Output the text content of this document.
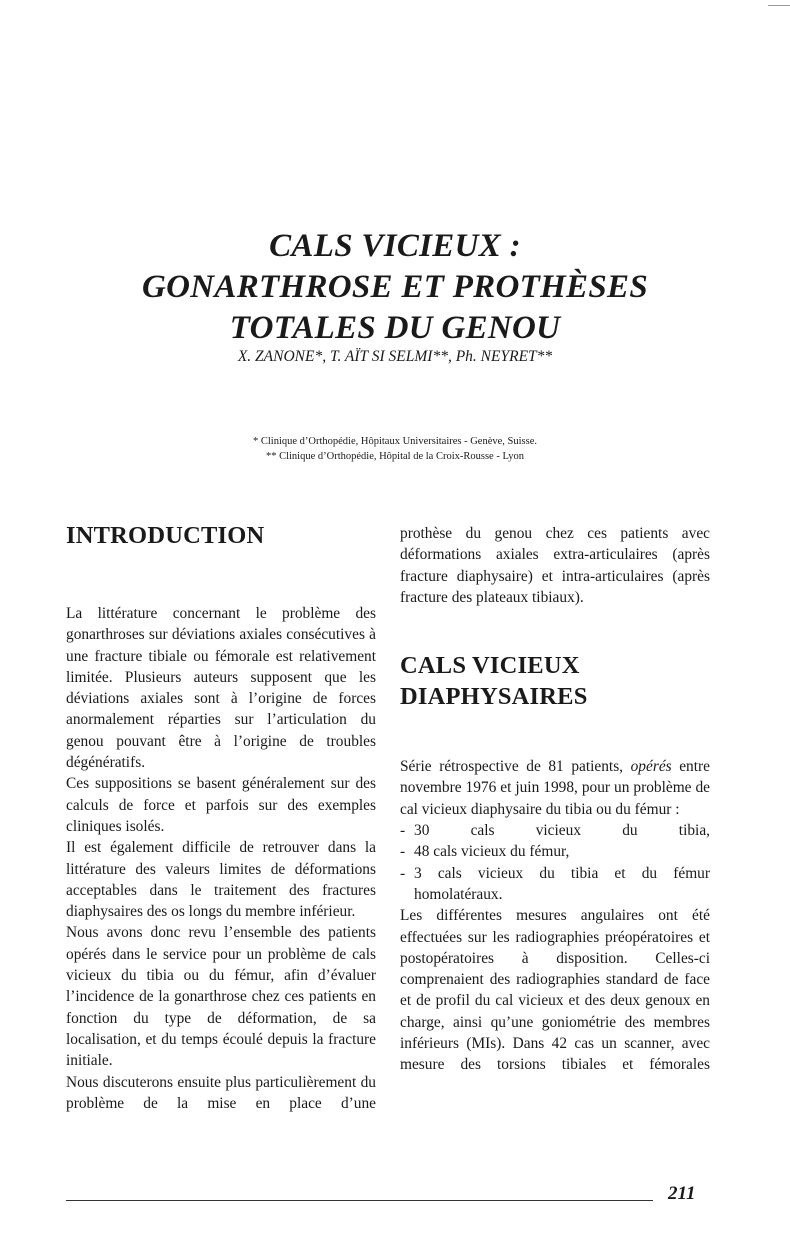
CALS VICIEUX :
GONARTHROSE ET PROTHÈSES
TOTALES DU GENOU
X. ZANONE*, T. AÏT SI SELMI**, Ph. NEYRET**
* Clinique d’Orthopédie, Hôpitaux Universitaires - Genève, Suisse.
** Clinique d’Orthopédie, Hôpital de la Croix-Rousse - Lyon
INTRODUCTION
La littérature concernant le problème des gonarthroses sur déviations axiales consécutives à une fracture tibiale ou fémorale est relativement limitée. Plusieurs auteurs supposent que les déviations axiales sont à l’origine de forces anormalement réparties sur l’articulation du genou pouvant être à l’origine de troubles dégénératifs.
Ces suppositions se basent généralement sur des calculs de force et parfois sur des exemples cliniques isolés.
Il est également difficile de retrouver dans la littérature des valeurs limites de déformations acceptables dans le traitement des fractures diaphysaires des os longs du membre inférieur.
Nous avons donc revu l’ensemble des patients opérés dans le service pour un problème de cals vicieux du tibia ou du fémur, afin d’évaluer l’incidence de la gonarthrose chez ces patients en fonction du type de déformation, de sa localisation, et du temps écoulé depuis la fracture initiale.
Nous discuterons ensuite plus particulièrement du problème de la mise en place d’une
prothèse du genou chez ces patients avec déformations axiales extra-articulaires (après fracture diaphysaire) et intra-articulaires (après fracture des plateaux tibiaux).
CALS VICIEUX
DIAPHYSAIRES
Série rétrospective de 81 patients, opérés entre novembre 1976 et juin 1998, pour un problème de cal vicieux diaphysaire du tibia ou du fémur :
- 30 cals vicieux du tibia,
- 48 cals vicieux du fémur,
- 3 cals vicieux du tibia et du fémur homolatéraux.
Les différentes mesures angulaires ont été effectuées sur les radiographies préopératoires et postopératoires à disposition. Celles-ci comprenaient des radiographies standard de face et de profil du cal vicieux et des deux genoux en charge, ainsi qu’une goniométrie des membres inférieurs (MIs). Dans 42 cas un scanner, avec mesure des torsions tibiales et fémorales
211
